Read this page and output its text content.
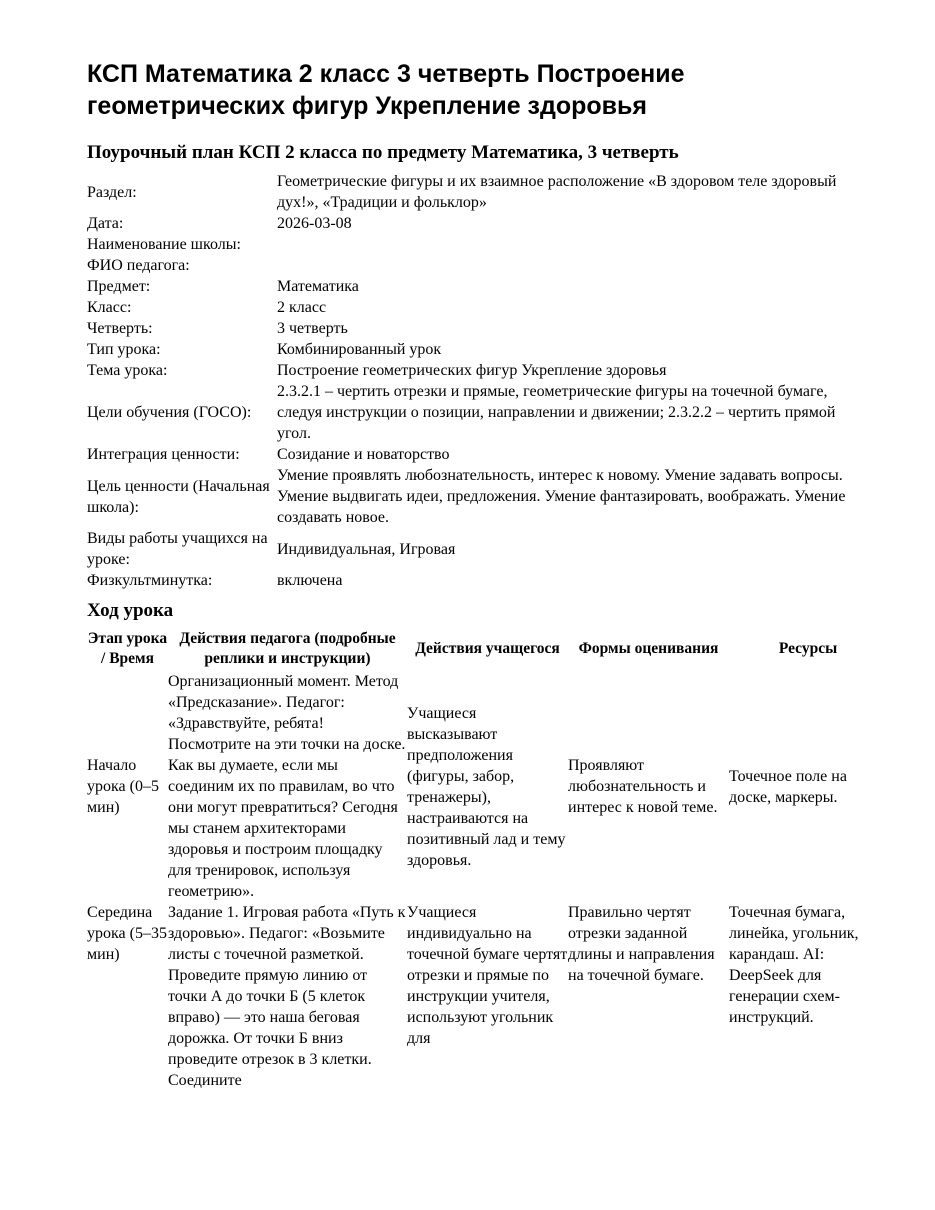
КСП Математика 2 класс 3 четверть Построение геометрических фигур Укрепление здоровья
Поурочный план КСП 2 класса по предмету Математика, 3 четверть
Раздел:	Геометрические фигуры и их взаимное расположение «В здоровом теле здоровый дух!», «Традиции и фольклор»
Дата:	2026-03-08
Наименование школы:	
ФИО педагога:	
Предмет:	Математика
Класс:	2 класс
Четверть:	3 четверть
Тип урока:	Комбинированный урок
Тема урока:	Построение геометрических фигур Укрепление здоровья
Цели обучения (ГОСО):	2.3.2.1 – чертить отрезки и прямые, геометрические фигуры на точечной бумаге, следуя инструкции о позиции, направлении и движении; 2.3.2.2 – чертить прямой угол.
Интеграция ценности:	Созидание и новаторство
Цель ценности (Начальная школа):	Умение проявлять любознательность, интерес к новому. Умение задавать вопросы. Умение выдвигать идеи, предложения. Умение фантазировать, воображать. Умение создавать новое.
Виды работы учащихся на уроке:	Индивидуальная, Игровая
Физкультминутка:	включена
Ход урока
Этап урока / Время	Действия педагога (подробные реплики и инструкции)	Действия учащегося	Формы оценивания	Ресурсы
Начало урока (0–5 мин)	Организационный момент. Метод «Предсказание». Педагог: «Здравствуйте, ребята! Посмотрите на эти точки на доске. Как вы думаете, если мы соединим их по правилам, во что они могут превратиться? Сегодня мы станем архитекторами здоровья и построим площадку для тренировок, используя геометрию».	Учащиеся высказывают предположения (фигуры, забор, тренажеры), настраиваются на позитивный лад и тему здоровья.	Проявляют любознательность и интерес к новой теме.	Точечное поле на доске, маркеры.
Середина урока (5–35 мин)	Задание 1. Игровая работа «Путь к здоровью». Педагог: «Возьмите листы с точечной разметкой. Проведите прямую линию от точки А до точки Б (5 клеток вправо) — это наша беговая дорожка. От точки Б вниз проведите отрезок в 3 клетки. Соедините	Учащиеся индивидуально на точечной бумаге чертят отрезки и прямые по инструкции учителя, используют угольник для	Правильно чертят отрезки заданной длины и направления на точечной бумаге.	Точечная бумага, линейка, угольник, карандаш. AI: DeepSeek для генерации схем-инструкций.
